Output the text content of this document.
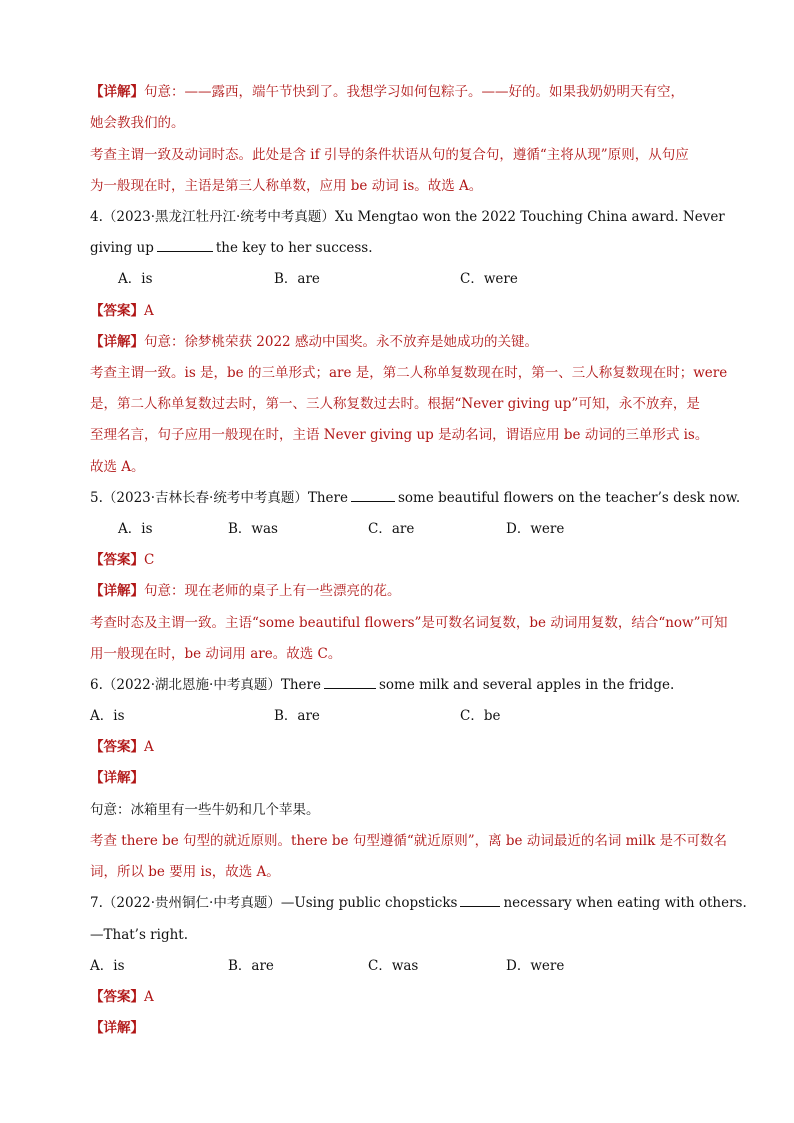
【详解】句意：——露西，端午节快到了。我想学习如何包粽子。——好的。如果我奶奶明天有空，
她会教我们的。
考查主谓一致及动词时态。此处是含 if 引导的条件状语从句的复合句，遵循“主将从现”原则，从句应
为一般现在时，主语是第三人称单数，应用 be 动词 is。故选 A。
4.（2023·黑龙江牡丹江·统考中考真题）Xu Mengtao won the 2022 Touching China award. Never
giving up	the key to her success.
A．is	B．are	C．were
【答案】A
【详解】句意：徐梦桃荣获 2022 感动中国奖。永不放弃是她成功的关键。
考查主谓一致。is 是，be 的三单形式；are 是，第二人称单复数现在时，第一、三人称复数现在时；were
是，第二人称单复数过去时，第一、三人称复数过去时。根据“Never giving up”可知，永不放弃，是
至理名言，句子应用一般现在时，主语 Never giving up 是动名词，谓语应用 be 动词的三单形式 is。
故选 A。
5.（2023·吉林长春·统考中考真题）There	some beautiful flowers on the teacher’s desk now.
A．is	B．was	C．are	D．were
【答案】C
【详解】句意：现在老师的桌子上有一些漂亮的花。
考查时态及主谓一致。主语“some beautiful flowers”是可数名词复数，be 动词用复数，结合“now”可知
用一般现在时，be 动词用 are。故选 C。
6.（2022·湖北恩施·中考真题）There	some milk and several apples in the fridge.
A．is	B．are	C．be
【答案】A
【详解】
句意：冰箱里有一些牛奶和几个苹果。
考查 there be 句型的就近原则。there be 句型遵循“就近原则”，离 be 动词最近的名词 milk 是不可数名
词，所以 be 要用 is，故选 A。
7.（2022·贵州铜仁·中考真题）—Using public chopsticks	necessary when eating with others.
—That’s right.
A．is	B．are	C．was	D．were
【答案】A
【详解】
